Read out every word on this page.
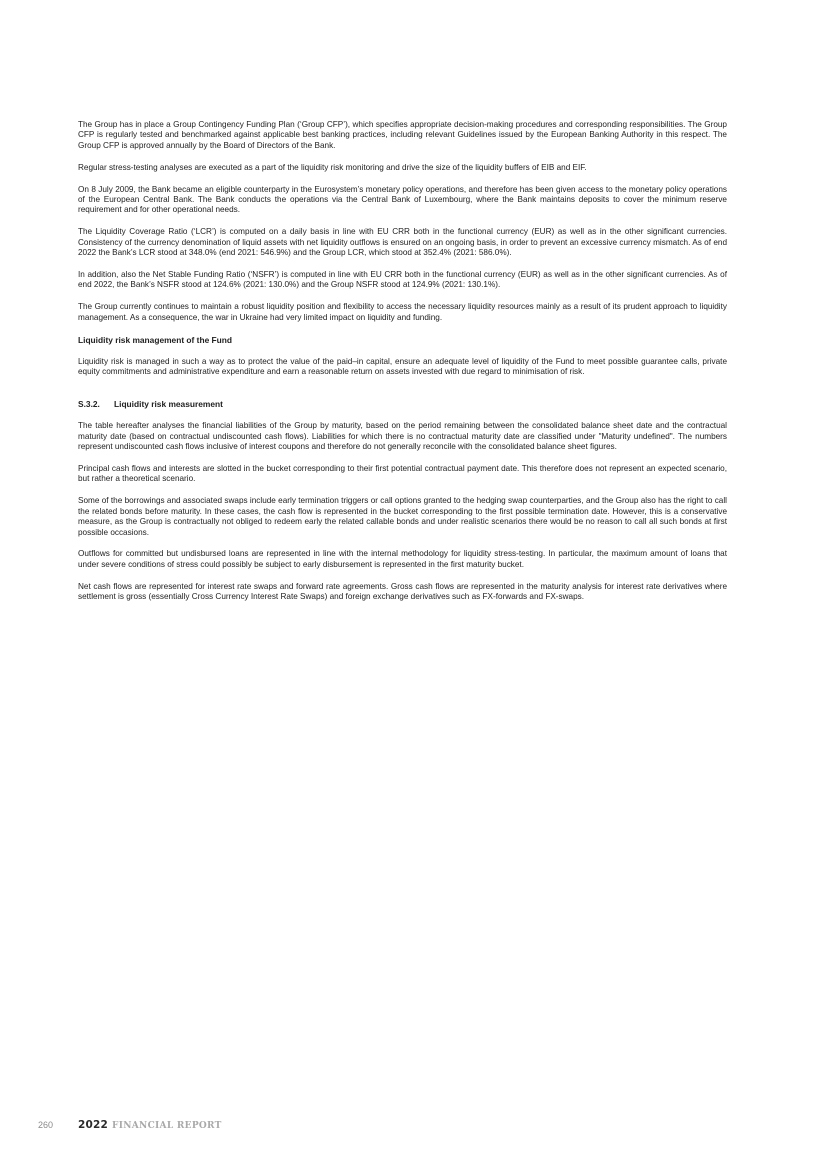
The Group has in place a Group Contingency Funding Plan (‘Group CFP’), which specifies appropriate decision-making procedures and corresponding responsibilities. The Group CFP is regularly tested and benchmarked against applicable best banking practices, including relevant Guidelines issued by the European Banking Authority in this respect. The Group CFP is approved annually by the Board of Directors of the Bank.

Regular stress-testing analyses are executed as a part of the liquidity risk monitoring and drive the size of the liquidity buffers of EIB and EIF.

On 8 July 2009, the Bank became an eligible counterparty in the Eurosystem’s monetary policy operations, and therefore has been given access to the monetary policy operations of the European Central Bank. The Bank conducts the operations via the Central Bank of Luxembourg, where the Bank maintains deposits to cover the minimum reserve requirement and for other operational needs.

The Liquidity Coverage Ratio (‘LCR’) is computed on a daily basis in line with EU CRR both in the functional currency (EUR) as well as in the other significant currencies. Consistency of the currency denomination of liquid assets with net liquidity outflows is ensured on an ongoing basis, in order to prevent an excessive currency mismatch. As of end 2022 the Bank’s LCR stood at 348.0% (end 2021: 546.9%) and the Group LCR, which stood at 352.4% (2021: 586.0%).

In addition, also the Net Stable Funding Ratio (‘NSFR’) is computed in line with EU CRR both in the functional currency (EUR) as well as in the other significant currencies. As of end 2022, the Bank’s NSFR stood at 124.6% (2021: 130.0%) and the Group NSFR stood at 124.9% (2021: 130.1%).

The Group currently continues to maintain a robust liquidity position and flexibility to access the necessary liquidity resources mainly as a result of its prudent approach to liquidity management. As a consequence, the war in Ukraine had very limited impact on liquidity and funding.

Liquidity risk management of the Fund

Liquidity risk is managed in such a way as to protect the value of the paid–in capital, ensure an adequate level of liquidity of the Fund to meet possible guarantee calls, private equity commitments and administrative expenditure and earn a reasonable return on assets invested with due regard to minimisation of risk.

S.3.2. Liquidity risk measurement

The table hereafter analyses the financial liabilities of the Group by maturity, based on the period remaining between the consolidated balance sheet date and the contractual maturity date (based on contractual undiscounted cash flows). Liabilities for which there is no contractual maturity date are classified under "Maturity undefined". The numbers represent undiscounted cash flows inclusive of interest coupons and therefore do not generally reconcile with the consolidated balance sheet figures.

Principal cash flows and interests are slotted in the bucket corresponding to their first potential contractual payment date. This therefore does not represent an expected scenario, but rather a theoretical scenario.

Some of the borrowings and associated swaps include early termination triggers or call options granted to the hedging swap counterparties, and the Group also has the right to call the related bonds before maturity. In these cases, the cash flow is represented in the bucket corresponding to the first possible termination date. However, this is a conservative measure, as the Group is contractually not obliged to redeem early the related callable bonds and under realistic scenarios there would be no reason to call all such bonds at first possible occasions.

Outflows for committed but undisbursed loans are represented in line with the internal methodology for liquidity stress-testing. In particular, the maximum amount of loans that under severe conditions of stress could possibly be subject to early disbursement is represented in the first maturity bucket.

Net cash flows are represented for interest rate swaps and forward rate agreements. Gross cash flows are represented in the maturity analysis for interest rate derivatives where settlement is gross (essentially Cross Currency Interest Rate Swaps) and foreign exchange derivatives such as FX-forwards and FX-swaps.

260	2022 FINANCIAL REPORT
